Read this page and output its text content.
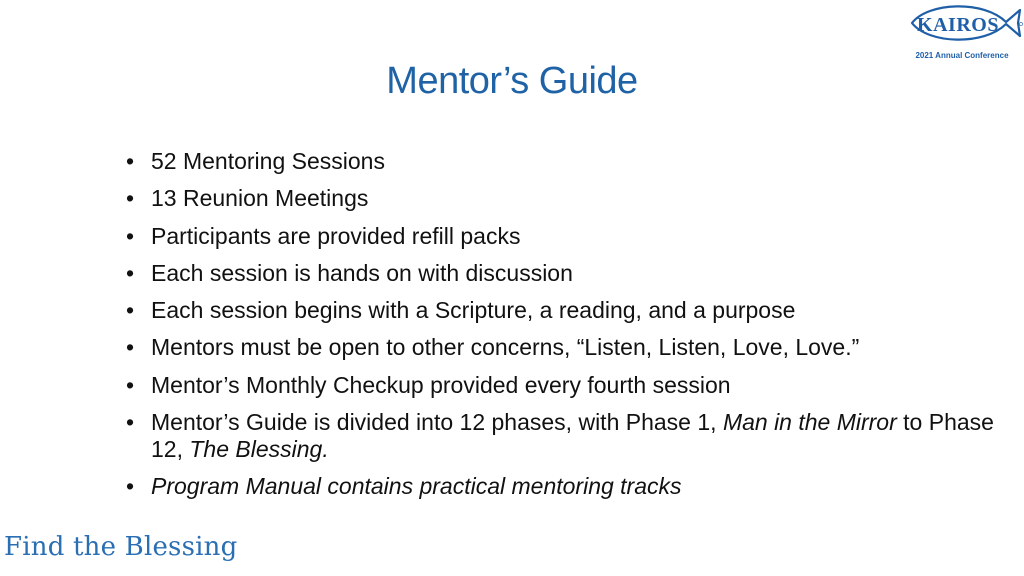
KAIROS
2021 Annual Conference
Mentor’s Guide
• 52 Mentoring Sessions
• 13 Reunion Meetings
• Participants are provided refill packs
• Each session is hands on with discussion
• Each session begins with a Scripture, a reading, and a purpose
• Mentors must be open to other concerns, “Listen, Listen, Love, Love.”
• Mentor’s Monthly Checkup provided every fourth session
• Mentor’s Guide is divided into 12 phases, with Phase 1, Man in the Mirror to Phase 12, The Blessing.
• Program Manual contains practical mentoring tracks
Find the Blessing
